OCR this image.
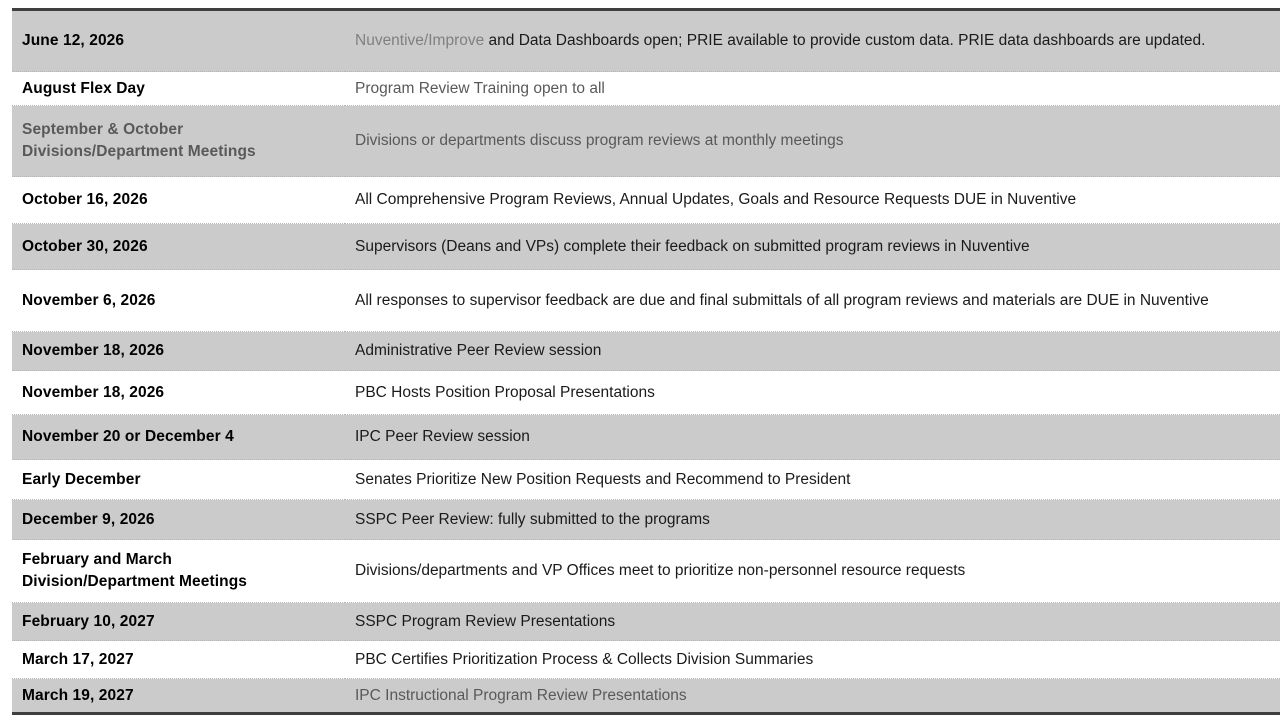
June 12, 2026	Nuventive/Improve and Data Dashboards open; PRIE available to provide custom data. PRIE data dashboards are updated.
August Flex Day	Program Review Training open to all
September & October
Divisions/Department Meetings	Divisions or departments discuss program reviews at monthly meetings
October 16, 2026	All Comprehensive Program Reviews, Annual Updates, Goals and Resource Requests DUE in Nuventive
October 30, 2026	Supervisors (Deans and VPs) complete their feedback on submitted program reviews in Nuventive
November 6, 2026	All responses to supervisor feedback are due and final submittals of all program reviews and materials are DUE in Nuventive
November 18, 2026	Administrative Peer Review session
November 18, 2026	PBC Hosts Position Proposal Presentations
November 20 or December 4	IPC Peer Review session
Early December	Senates Prioritize New Position Requests and Recommend to President
December 9, 2026	SSPC Peer Review: fully submitted to the programs
February and March
Division/Department Meetings	Divisions/departments and VP Offices meet to prioritize non-personnel resource requests
February 10, 2027	SSPC Program Review Presentations
March 17, 2027	PBC Certifies Prioritization Process & Collects Division Summaries
March 19, 2027	IPC Instructional Program Review Presentations
